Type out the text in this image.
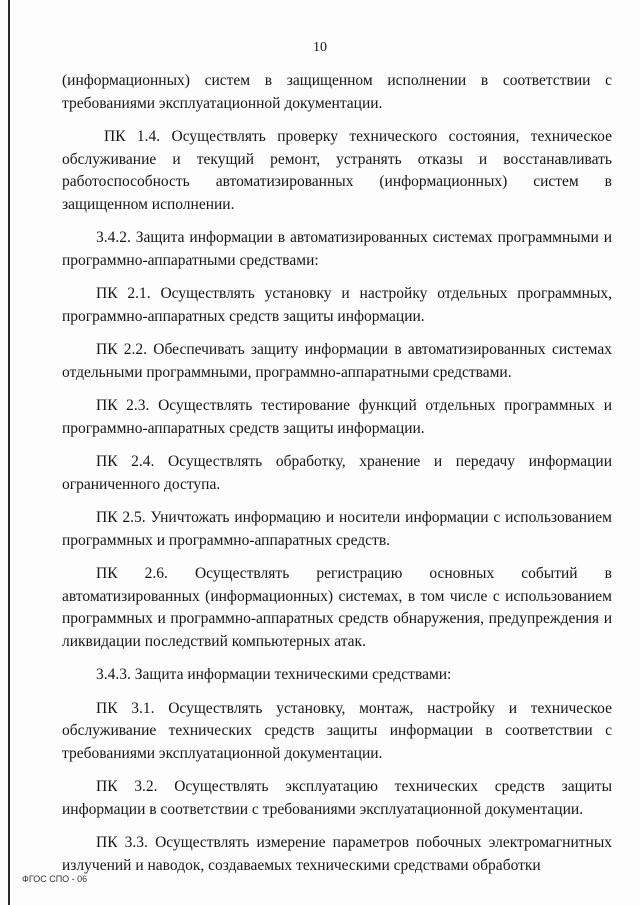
10

(информационных) систем в защищенном исполнении в соответствии с требованиями эксплуатационной документации.

ПК 1.4. Осуществлять проверку технического состояния, техническое обслуживание и текущий ремонт, устранять отказы и восстанавливать работоспособность автоматизированных (информационных) систем в защищенном исполнении.

3.4.2. Защита информации в автоматизированных системах программными и программно-аппаратными средствами:

ПК 2.1. Осуществлять установку и настройку отдельных программных, программно-аппаратных средств защиты информации.

ПК 2.2. Обеспечивать защиту информации в автоматизированных системах отдельными программными, программно-аппаратными средствами.

ПК 2.3. Осуществлять тестирование функций отдельных программных и программно-аппаратных средств защиты информации.

ПК 2.4. Осуществлять обработку, хранение и передачу информации ограниченного доступа.

ПК 2.5. Уничтожать информацию и носители информации с использованием программных и программно-аппаратных средств.

ПК 2.6. Осуществлять регистрацию основных событий в автоматизированных (информационных) системах, в том числе с использованием программных и программно-аппаратных средств обнаружения, предупреждения и ликвидации последствий компьютерных атак.

3.4.3. Защита информации техническими средствами:

ПК 3.1. Осуществлять установку, монтаж, настройку и техническое обслуживание технических средств защиты информации в соответствии с требованиями эксплуатационной документации.

ПК 3.2. Осуществлять эксплуатацию технических средств защиты информации в соответствии с требованиями эксплуатационной документации.

ПК 3.3. Осуществлять измерение параметров побочных электромагнитных излучений и наводок, создаваемых техническими средствами обработки

ФГОС СПО - 06
